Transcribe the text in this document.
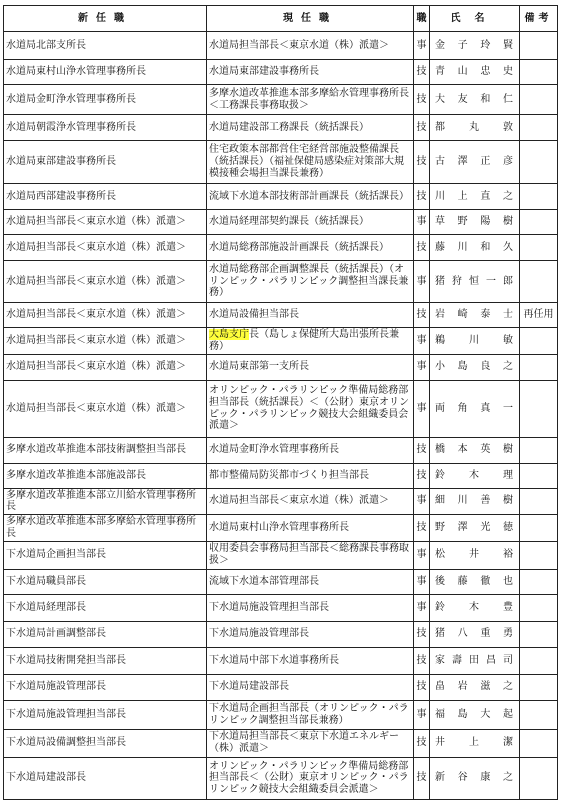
新任職	現任職	職	氏名	備考
水道局北部支所長	水道局担当部長＜東京水道（株）派遣＞	事	金子玲賢	
水道局東村山浄水管理事務所長	水道局東部建設事務所長	技	青山忠史	
水道局金町浄水管理事務所長	多摩水道改革推進本部多摩給水管理事務所長＜工務課長事務取扱＞	技	大友和仁	
水道局朝霞浄水管理事務所長	水道局建設部工務課長（統括課長）	技	都丸敦	
水道局東部建設事務所長	住宅政策本部都営住宅経営部施設整備課長（統括課長）（福祉保健局感染症対策部大規模接種会場担当課長兼務）	技	古澤正彦	
水道局西部建設事務所長	流域下水道本部技術部計画課長（統括課長）	技	川上直之	
水道局担当部長＜東京水道（株）派遣＞	水道局経理部契約課長（統括課長）	事	草野陽樹	
水道局担当部長＜東京水道（株）派遣＞	水道局総務部施設計画課長（統括課長）	技	藤川和久	
水道局担当部長＜東京水道（株）派遣＞	水道局総務部企画調整課長（統括課長）（オリンピック・パラリンピック調整担当課長兼務）	事	猪狩恒一郎	
水道局担当部長＜東京水道（株）派遣＞	水道局設備担当部長	技	岩崎泰士	再任用
水道局担当部長＜東京水道（株）派遣＞	大島支庁長（島しょ保健所大島出張所長兼務）	事	鵜川敏	
水道局担当部長＜東京水道（株）派遣＞	水道局東部第一支所長	事	小島良之	
水道局担当部長＜東京水道（株）派遣＞	オリンピック・パラリンピック準備局総務部担当部長（統括課長）＜（公財）東京オリンピック・パラリンピック競技大会組織委員会派遣＞	事	両角真一	
多摩水道改革推進本部技術調整担当部長	水道局金町浄水管理事務所長	技	橋本英樹	
多摩水道改革推進本部施設部長	都市整備局防災都市づくり担当部長	技	鈴木理	
多摩水道改革推進本部立川給水管理事務所長	水道局担当部長＜東京水道（株）派遣＞	事	細川善樹	
多摩水道改革推進本部多摩給水管理事務所長	水道局東村山浄水管理事務所長	技	野澤光徳	
下水道局企画担当部長	収用委員会事務局担当部長＜総務課長事務取扱＞	事	松井裕	
下水道局職員部長	流域下水道本部管理部長	事	後藤徹也	
下水道局経理部長	下水道局施設管理担当部長	事	鈴木豊	
下水道局計画調整部長	下水道局施設管理部長	技	猪八重勇	
下水道局技術開発担当部長	下水道局中部下水道事務所長	技	家壽田昌司	
下水道局施設管理部長	下水道局建設部長	技	畠岩滋之	
下水道局施設管理担当部長	下水道局企画担当部長（オリンピック・パラリンピック調整担当部長兼務）	事	福島大起	
下水道局設備調整担当部長	下水道局担当部長＜東京下水道エネルギー（株）派遣＞	技	井上潔	
下水道局建設部長	オリンピック・パラリンピック準備局総務部担当部長＜（公財）東京オリンピック・パラリンピック競技大会組織委員会派遣＞	技	新谷康之	
